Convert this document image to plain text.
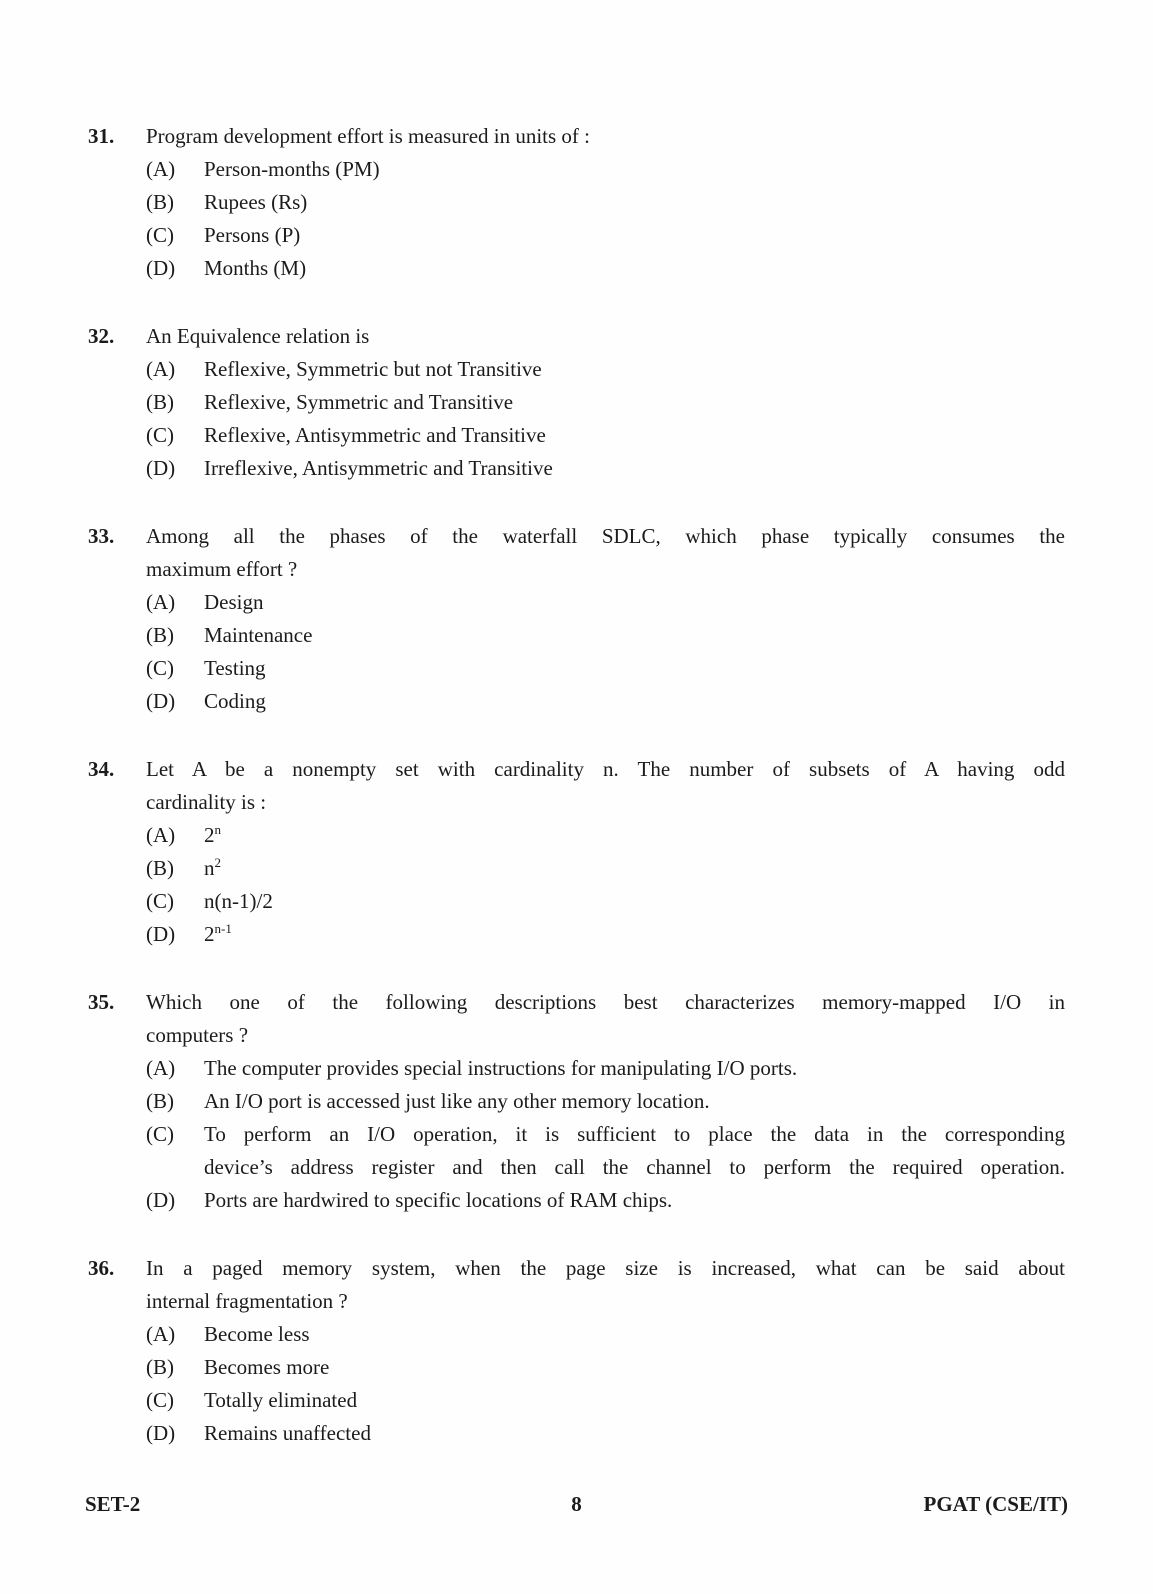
31.	Program development effort is measured in units of :
(A)	Person-months (PM)
(B)	Rupees (Rs)
(C)	Persons (P)
(D)	Months (M)
32.	An Equivalence relation is
(A)	Reflexive, Symmetric but not Transitive
(B)	Reflexive, Symmetric and Transitive
(C)	Reflexive, Antisymmetric and Transitive
(D)	Irreflexive, Antisymmetric and Transitive
33.	Among all the phases of the waterfall SDLC, which phase typically consumes the
maximum effort ?
(A)	Design
(B)	Maintenance
(C)	Testing
(D)	Coding
34.	Let A be a nonempty set with cardinality n. The number of subsets of A having odd
cardinality is :
(A)	2$^n$
(B)	$n^2$
(C)	n(n-1)/2
(D)	2$^{n-1}$
35.	Which one of the following descriptions best characterizes memory-mapped I/O in
computers ?
(A)	The computer provides special instructions for manipulating I/O ports.
(B)	An I/O port is accessed just like any other memory location.
(C)	To perform an I/O operation, it is sufficient to place the data in the corresponding
device’s address register and then call the channel to perform the required operation.
(D)	Ports are hardwired to specific locations of RAM chips.
36.	In a paged memory system, when the page size is increased, what can be said about
internal fragmentation ?
(A)	Become less
(B)	Becomes more
(C)	Totally eliminated
(D)	Remains unaffected
SET-2	8	PGAT (CSE/IT)
